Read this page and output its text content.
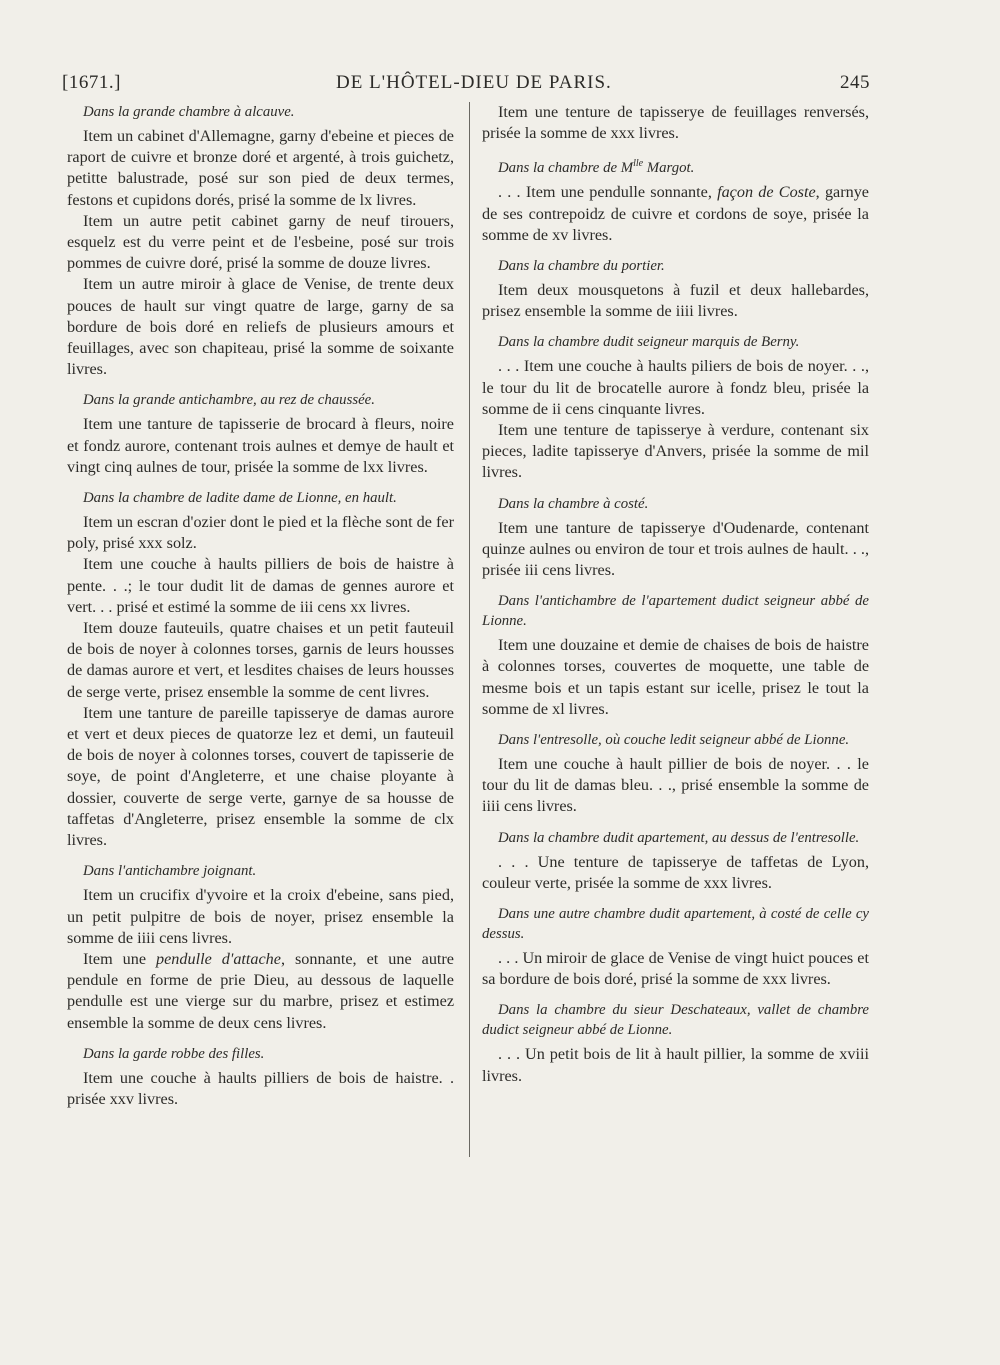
[1671.]	DE L'HÔTEL-DIEU DE PARIS.	245
Dans la grande chambre à alcauve.

Item un cabinet d'Allemagne, garny d'ebeine et pieces de raport de cuivre et bronze doré et argenté, à trois guichetz, petitte balustrade, posé sur son pied de deux termes, festons et cupidons dorés, prisé la somme de lx livres.

Item un autre petit cabinet garny de neuf tirouers, esquelz est du verre peint et de l'esbeine, posé sur trois pommes de cuivre doré, prisé la somme de douze livres.

Item un autre miroir à glace de Venise, de trente deux pouces de hault sur vingt quatre de large, garny de sa bordure de bois doré en reliefs de plusieurs amours et feuillages, avec son chapiteau, prisé la somme de soixante livres.

Dans la grande antichambre, au rez de chaussée.

Item une tanture de tapisserie de brocard à fleurs, noire et fondz aurore, contenant trois aulnes et demye de hault et vingt cinq aulnes de tour, prisée la somme de lxx livres.

Dans la chambre de ladite dame de Lionne, en hault.

Item un escran d'ozier dont le pied et la flèche sont de fer poly, prisé xxx solz.

Item une couche à haults pilliers de bois de haistre à pente. . .; le tour dudit lit de damas de gennes aurore et vert. . . prisé et estimé la somme de iii cens xx livres.

Item douze fauteuils, quatre chaises et un petit fauteuil de bois de noyer à colonnes torses, garnis de leurs housses de damas aurore et vert, et lesdites chaises de leurs housses de serge verte, prisez ensemble la somme de cent livres.

Item une tanture de pareille tapisserye de damas aurore et vert et deux pieces de quatorze lez et demi, un fauteuil de bois de noyer à colonnes torses, couvert de tapisserie de soye, de point d'Angleterre, et une chaise ployante à dossier, couverte de serge verte, garnye de sa housse de taffetas d'Angleterre, prisez ensemble la somme de clx livres.

Dans l'antichambre joignant.

Item un crucifix d'yvoire et la croix d'ebeine, sans pied, un petit pulpitre de bois de noyer, prisez ensemble la somme de iiii cens livres.

Item une pendulle d'attache, sonnante, et une autre pendule en forme de prie Dieu, au dessous de laquelle pendulle est une vierge sur du marbre, prisez et estimez ensemble la somme de deux cens livres.

Dans la garde robbe des filles.

Item une couche à haults pilliers de bois de haistre. . prisée xxv livres.

Item une tenture de tapisserye de feuillages renversés, prisée la somme de xxx livres.

Dans la chambre de $M^{lle}$ Margot.

. . . Item une pendulle sonnante, façon de Coste, garnye de ses contrepoidz de cuivre et cordons de soye, prisée la somme de xv livres.

Dans la chambre du portier.

Item deux mousquetons à fuzil et deux hallebardes, prisez ensemble la somme de iiii livres.

Dans la chambre dudit seigneur marquis de Berny.

. . . Item une couche à haults piliers de bois de noyer. . ., le tour du lit de brocatelle aurore à fondz bleu, prisée la somme de ii cens cinquante livres.

Item une tenture de tapisserye à verdure, contenant six pieces, ladite tapisserye d'Anvers, prisée la somme de mil livres.

Dans la chambre à costé.

Item une tanture de tapisserye d'Oudenarde, contenant quinze aulnes ou environ de tour et trois aulnes de hault. . ., prisée iii cens livres.

Dans l'antichambre de l'apartement dudict seigneur abbé de Lionne.

Item une douzaine et demie de chaises de bois de haistre à colonnes torses, couvertes de moquette, une table de mesme bois et un tapis estant sur icelle, prisez le tout la somme de xl livres.

Dans l'entresolle, où couche ledit seigneur abbé de Lionne.

Item une couche à hault pillier de bois de noyer. . . le tour du lit de damas bleu. . ., prisé ensemble la somme de iiii cens livres.

Dans la chambre dudit apartement, au dessus de l'entresolle.

. . . Une tenture de tapisserye de taffetas de Lyon, couleur verte, prisée la somme de xxx livres.

Dans une autre chambre dudit apartement, à costé de celle cy dessus.

. . . Un miroir de glace de Venise de vingt huict pouces et sa bordure de bois doré, prisé la somme de xxx livres.

Dans la chambre du sieur Deschateaux, vallet de chambre dudict seigneur abbé de Lionne.

. . . Un petit bois de lit à hault pillier, la somme de xviii livres.
